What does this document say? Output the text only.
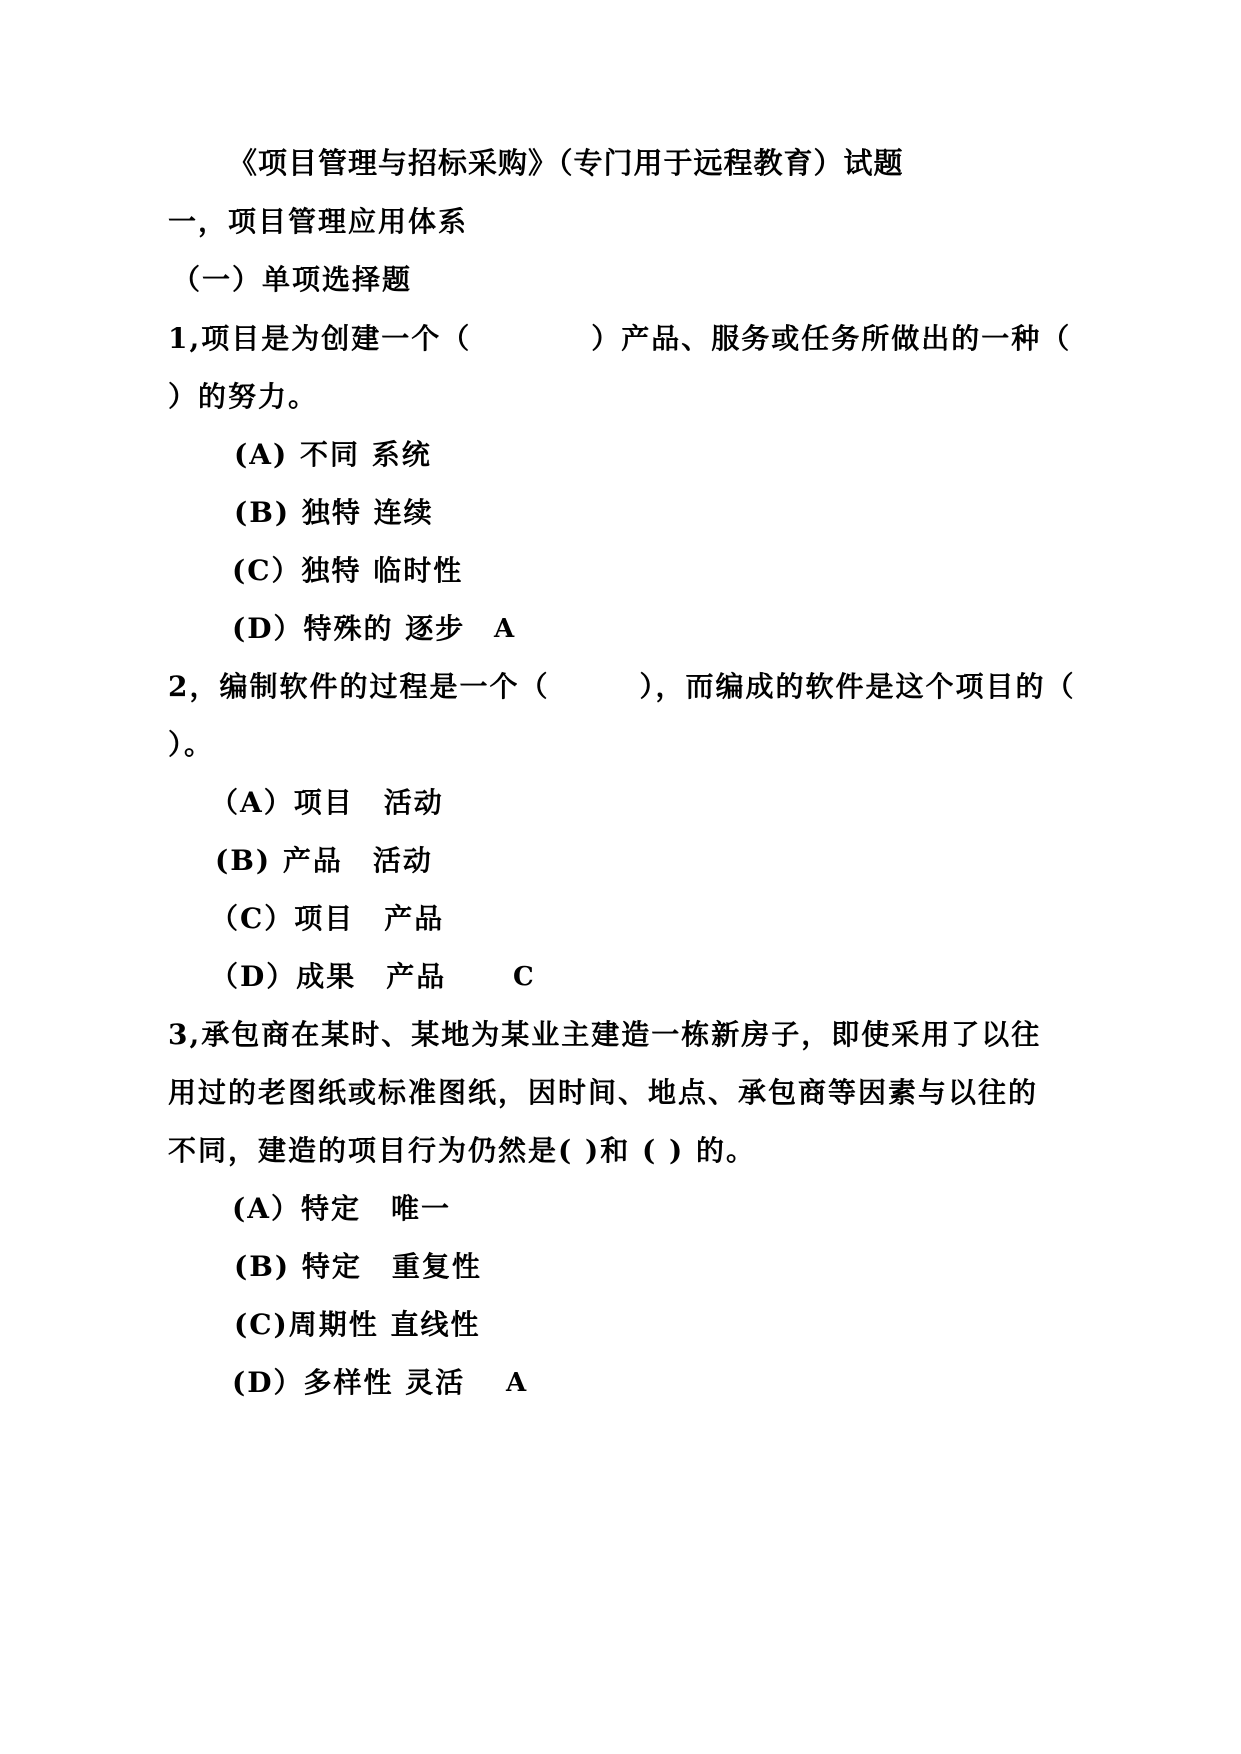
《项目管理与招标采购》（专门用于远程教育）试题
一，项目管理应用体系
（一）单项选择题
1,项目是为创建一个（　　　　）产品、服务或任务所做出的一种（
）的努力。
(A) 不同 系统
(B) 独特 连续
(C）独特 临时性
(D）特殊的 逐步 A
2，编制软件的过程是一个（　　　），而编成的软件是这个项目的（
）。
（A）项目　活动
(B) 产品　活动
（C）项目　产品
（D）成果　产品	C
3,承包商在某时、某地为某业主建造一栋新房子，即使采用了以往
用过的老图纸或标准图纸，因时间、地点、承包商等因素与以往的
不同，建造的项目行为仍然是( )和 ( ) 的。
(A）特定　唯一
(B) 特定　重复性
(C)周期性 直线性
(D）多样性 灵活 A
